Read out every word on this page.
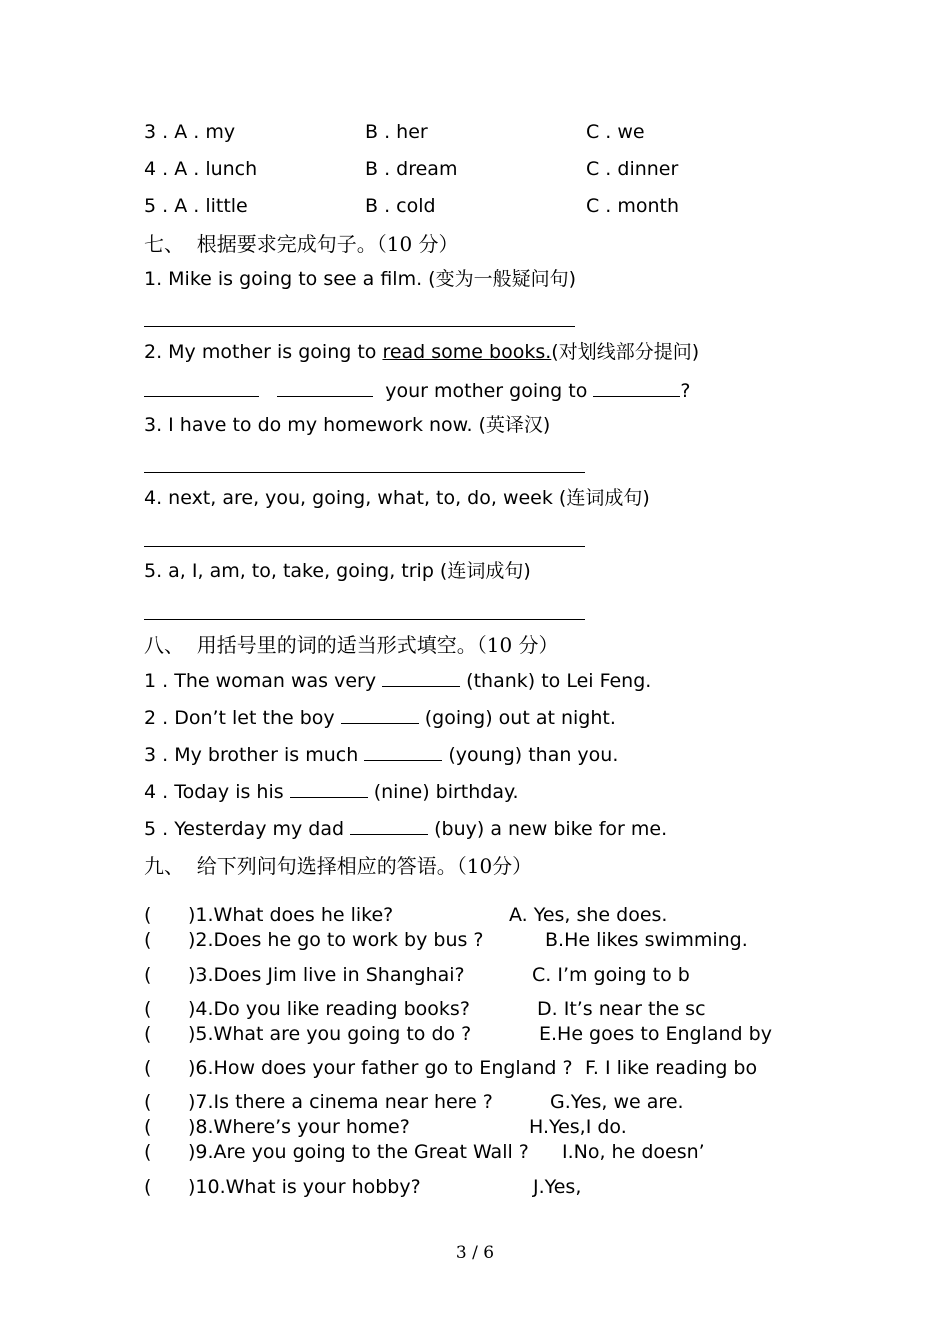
3 . A . my	B . her	C . we
4 . A . lunch	B . dream	C . dinner
5 . A . little	B . cold	C . month
七、  根据要求完成句子。（10 分）
1. Mike is going to see a film. (变为一般疑问句)
2. My mother is going to read some books.(对划线部分提问)
your mother going to	?
3. I have to do my homework now. (英译汉)
4. next, are, you, going, what, to, do, week (连词成句)
5. a, I, am, to, take, going, trip (连词成句)
八、  用括号里的词的适当形式填空。（10 分）
1 . The woman was very	(thank) to Lei Feng.
2 . Don’t let the boy	(going) out at night.
3 . My brother is much	(young) than you.
4 . Today is his	(nine) birthday.
5 . Yesterday my dad	(buy) a new bike for me.
九、  给下列问句选择相应的答语。（10分）
( )1.What does he like?	A. Yes, she does.
( )2.Does he go to work by bus ?	B.He likes swimming.
( )3.Does Jim live in Shanghai?	C. I’m going to b
( )4.Do you like reading books?	D. It’s near the sc
( )5.What are you going to do ?	E.He goes to England by
( )6.How does your father go to England ? F. I like reading bo
( )7.Is there a cinema near here ?	G.Yes, we are.
( )8.Where’s your home?	H.Yes,I do.
( )9.Are you going to the Great Wall ? I.No, he doesn’
( )10.What is your hobby?	J.Yes,
3 / 6
